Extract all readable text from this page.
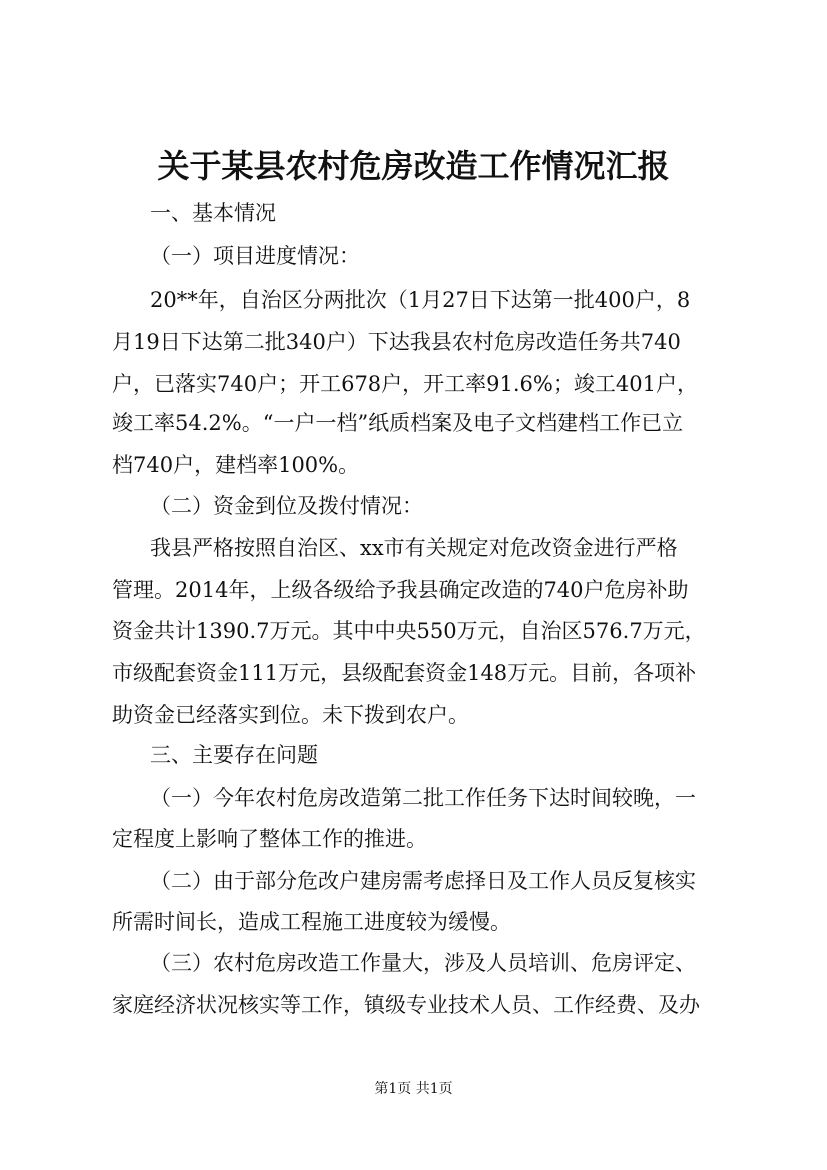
关于某县农村危房改造工作情况汇报
一、基本情况
（一）项目进度情况：
20**年，自治区分两批次（1月27日下达第一批400户，8
月19日下达第二批340户）下达我县农村危房改造任务共740
户，已落实740户；开工678户，开工率91.6%；竣工401户，
竣工率54.2%。“一户一档”纸质档案及电子文档建档工作已立
档740户，建档率100%。
（二）资金到位及拨付情况：
我县严格按照自治区、xx市有关规定对危改资金进行严格
管理。2014年，上级各级给予我县确定改造的740户危房补助
资金共计1390.7万元。其中中央550万元，自治区576.7万元，
市级配套资金111万元，县级配套资金148万元。目前，各项补
助资金已经落实到位。未下拨到农户。
三、主要存在问题
（一）今年农村危房改造第二批工作任务下达时间较晚，一
定程度上影响了整体工作的推进。
（二）由于部分危改户建房需考虑择日及工作人员反复核实
所需时间长，造成工程施工进度较为缓慢。
（三）农村危房改造工作量大，涉及人员培训、危房评定、
家庭经济状况核实等工作，镇级专业技术人员、工作经费、及办
第1页 共1页
